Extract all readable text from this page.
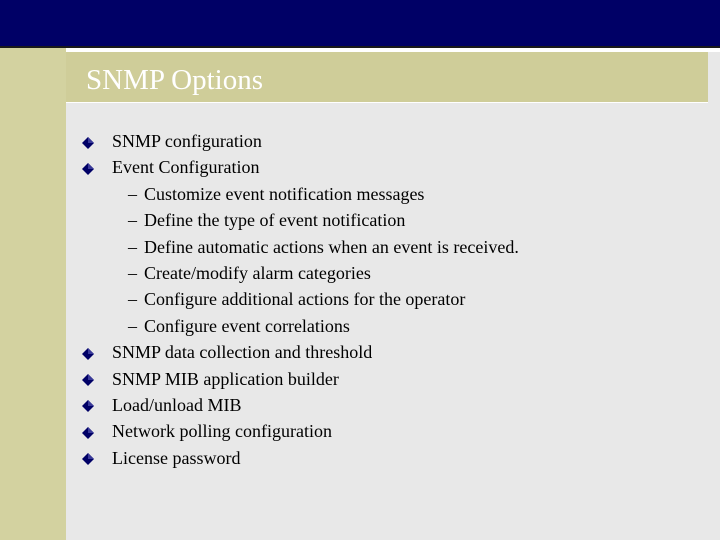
SNMP Options
SNMP configuration
Event Configuration
– Customize event notification messages
– Define the type of event notification
– Define automatic actions when an event is received.
– Create/modify alarm categories
– Configure additional actions for the operator
– Configure event correlations
SNMP data collection and threshold
SNMP MIB application builder
Load/unload MIB
Network polling configuration
License password
